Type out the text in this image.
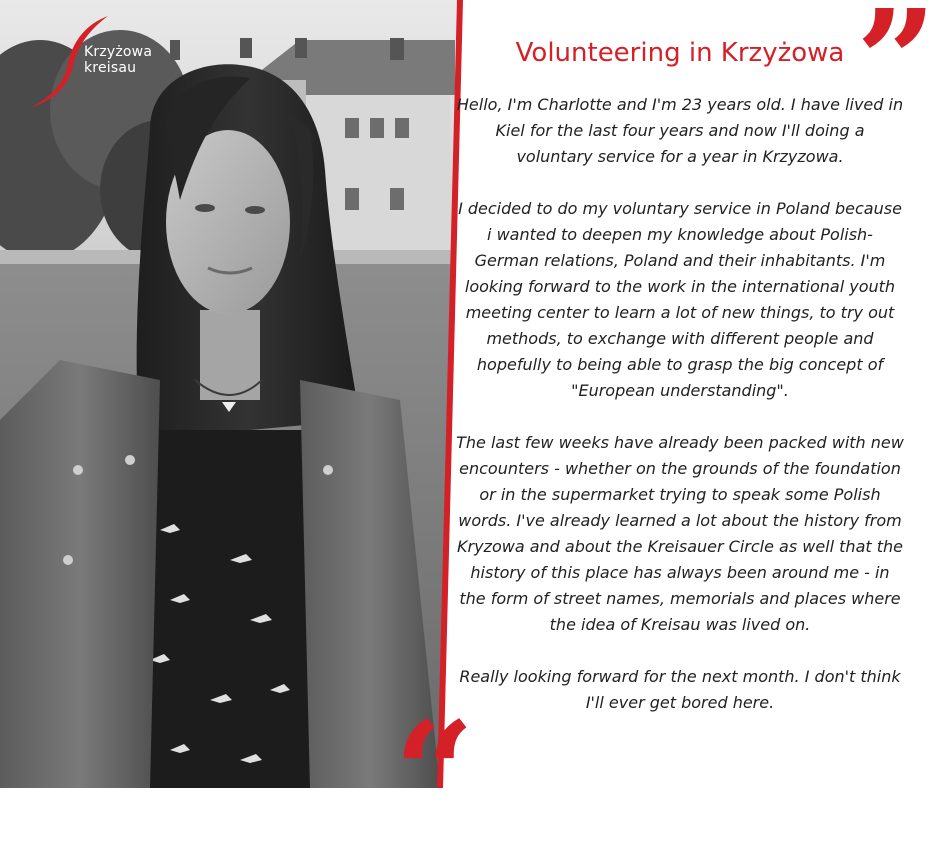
Krzyżowa
kreisau	Volunteering in Krzyżowa ”

Hello, I'm Charlotte and I'm 23 years old. I have lived in Kiel for the last four years and now I'll doing a voluntary service for a year in Krzyzowa.

I decided to do my voluntary service in Poland because i wanted to deepen my knowledge about Polish-German relations, Poland and their inhabitants. I'm looking forward to the work in the international youth meeting center to learn a lot of new things, to try out methods, to exchange with different people and hopefully to being able to grasp the big concept of "European understanding".

The last few weeks have already been packed with new encounters - whether on the grounds of the foundation or in the supermarket trying to speak some Polish words. I've already learned a lot about the history from Kryzowa and about the Kreisauer Circle as well that the history of this place has always been around me - in the form of street names, memorials and places where the idea of Kreisau was lived on.

Really looking forward for the next month. I don't think I'll ever get bored here.

“
